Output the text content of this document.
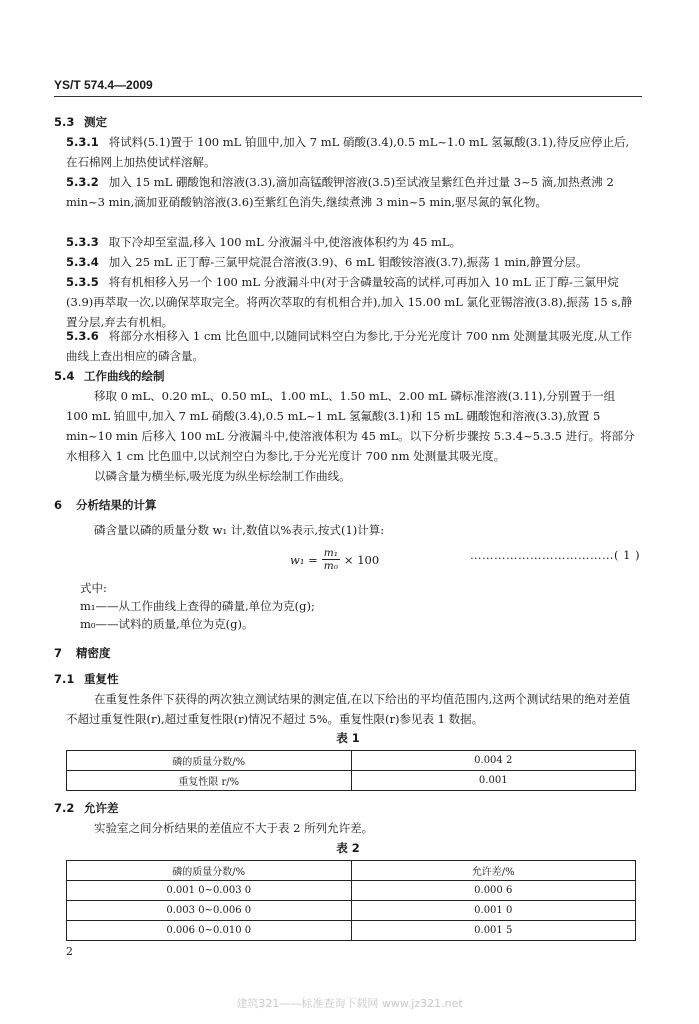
YS/T 574.4—2009
5.3 测定
5.3.1 将试料(5.1)置于 100 mL 铂皿中,加入 7 mL 硝酸(3.4),0.5 mL~1.0 mL 氢氟酸(3.1),待反应停止后,在石棉网上加热使试样溶解。
5.3.2 加入 15 mL 硼酸饱和溶液(3.3),滴加高锰酸钾溶液(3.5)至试液呈紫红色并过量 3~5 滴,加热煮沸 2 min~3 min,滴加亚硝酸钠溶液(3.6)至紫红色消失,继续煮沸 3 min~5 min,驱尽氮的氧化物。
5.3.3 取下冷却至室温,移入 100 mL 分液漏斗中,使溶液体积约为 45 mL。
5.3.4 加入 25 mL 正丁醇-三氯甲烷混合溶液(3.9)、6 mL 钼酸铵溶液(3.7),振荡 1 min,静置分层。
5.3.5 将有机相移入另一个 100 mL 分液漏斗中(对于含磷量较高的试样,可再加入 10 mL 正丁醇-三氯甲烷(3.9)再萃取一次,以确保萃取完全。将两次萃取的有机相合并),加入 15.00 mL 氯化亚锡溶液(3.8),振荡 15 s,静置分层,弃去有机相。
5.3.6 将部分水相移入 1 cm 比色皿中,以随同试料空白为参比,于分光光度计 700 nm 处测量其吸光度,从工作曲线上查出相应的磷含量。
5.4 工作曲线的绘制
移取 0 mL、0.20 mL、0.50 mL、1.00 mL、1.50 mL、2.00 mL 磷标准溶液(3.11),分别置于一组 100 mL 铂皿中,加入 7 mL 硝酸(3.4),0.5 mL~1 mL 氢氟酸(3.1)和 15 mL 硼酸饱和溶液(3.3),放置 5 min~10 min 后移入 100 mL 分液漏斗中,使溶液体积为 45 mL。以下分析步骤按 5.3.4~5.3.5 进行。将部分水相移入 1 cm 比色皿中,以试剂空白为参比,于分光光度计 700 nm 处测量其吸光度。
以磷含量为横坐标,吸光度为纵坐标绘制工作曲线。
6 分析结果的计算
磷含量以磷的质量分数 w₁ 计,数值以%表示,按式(1)计算:
$w_1 = \frac{\text{m₁}}{\text{m₀}} \times 100$	………………………………( 1 )
式中:
m₁——从工作曲线上查得的磷量,单位为克(g);
m₀——试料的质量,单位为克(g)。
7 精密度
7.1 重复性
在重复性条件下获得的两次独立测试结果的测定值,在以下给出的平均值范围内,这两个测试结果的绝对差值不超过重复性限(r),超过重复性限(r)情况不超过 5%。重复性限(r)参见表 1 数据。
表 1
磷的质量分数/%	0.004 2
重复性限 r/%	0.001
7.2 允许差
实验室之间分析结果的差值应不大于表 2 所列允许差。
表 2
磷的质量分数/%	允许差/%
0.001 0~0.003 0	0.000 6
0.003 0~0.006 0	0.001 0
0.006 0~0.010 0	0.001 5
2
建筑321——标准查询下载网 www.jz321.net
